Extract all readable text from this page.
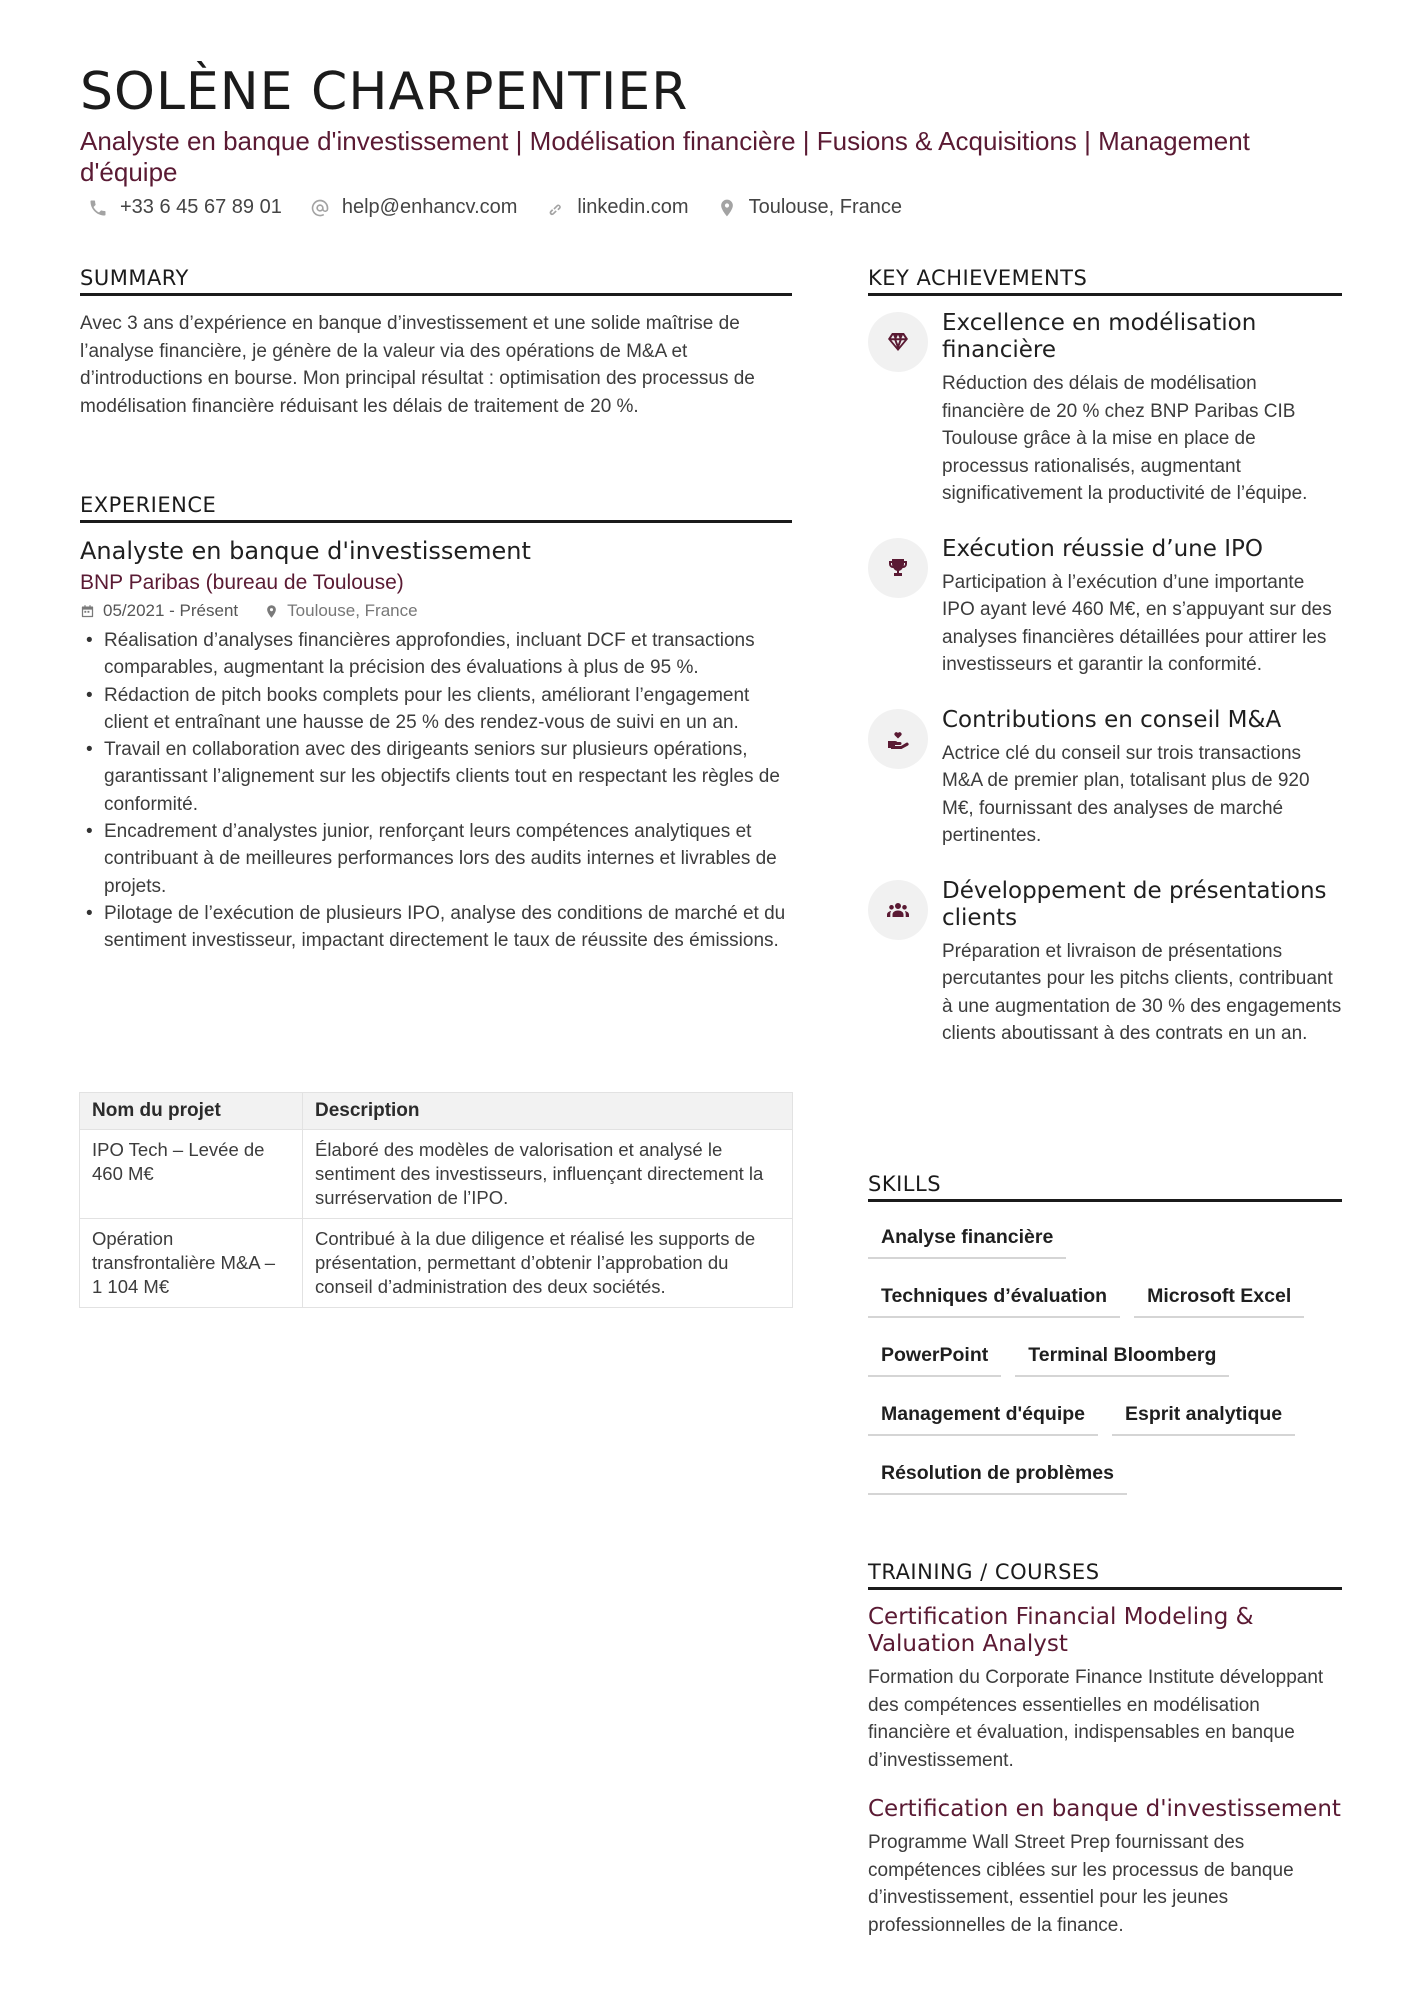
SOLÈNE CHARPENTIER
Analyste en banque d'investissement | Modélisation financière | Fusions & Acquisitions | Management d'équipe
+33 6 45 67 89 01	help@enhancv.com	linkedin.com	Toulouse, France
SUMMARY
Avec 3 ans d’expérience en banque d’investissement et une solide maîtrise de l’analyse financière, je génère de la valeur via des opérations de M&A et d’introductions en bourse. Mon principal résultat : optimisation des processus de modélisation financière réduisant les délais de traitement de 20 %.
EXPERIENCE
Analyste en banque d'investissement
BNP Paribas (bureau de Toulouse)
05/2021 - Présent	Toulouse, France
• Réalisation d’analyses financières approfondies, incluant DCF et transactions comparables, augmentant la précision des évaluations à plus de 95 %.
• Rédaction de pitch books complets pour les clients, améliorant l’engagement client et entraînant une hausse de 25 % des rendez-vous de suivi en un an.
• Travail en collaboration avec des dirigeants seniors sur plusieurs opérations, garantissant l’alignement sur les objectifs clients tout en respectant les règles de conformité.
• Encadrement d’analystes junior, renforçant leurs compétences analytiques et contribuant à de meilleures performances lors des audits internes et livrables de projets.
• Pilotage de l’exécution de plusieurs IPO, analyse des conditions de marché et du sentiment investisseur, impactant directement le taux de réussite des émissions.
Nom du projet	Description
IPO Tech – Levée de 460 M€	Élaboré des modèles de valorisation et analysé le sentiment des investisseurs, influençant directement la surréservation de l’IPO.
Opération transfrontalière M&A – 1 104 M€	Contribué à la due diligence et réalisé les supports de présentation, permettant d’obtenir l’approbation du conseil d’administration des deux sociétés.
KEY ACHIEVEMENTS
Excellence en modélisation financière
Réduction des délais de modélisation financière de 20 % chez BNP Paribas CIB Toulouse grâce à la mise en place de processus rationalisés, augmentant significativement la productivité de l’équipe.
Exécution réussie d’une IPO
Participation à l’exécution d’une importante IPO ayant levé 460 M€, en s’appuyant sur des analyses financières détaillées pour attirer les investisseurs et garantir la conformité.
Contributions en conseil M&A
Actrice clé du conseil sur trois transactions M&A de premier plan, totalisant plus de 920 M€, fournissant des analyses de marché pertinentes.
Développement de présentations clients
Préparation et livraison de présentations percutantes pour les pitchs clients, contribuant à une augmentation de 30 % des engagements clients aboutissant à des contrats en un an.
SKILLS
Analyse financière
Techniques d’évaluation	Microsoft Excel
PowerPoint	Terminal Bloomberg
Management d'équipe	Esprit analytique
Résolution de problèmes
TRAINING / COURSES
Certification Financial Modeling & Valuation Analyst
Formation du Corporate Finance Institute développant des compétences essentielles en modélisation financière et évaluation, indispensables en banque d’investissement.
Certification en banque d'investissement
Programme Wall Street Prep fournissant des compétences ciblées sur les processus de banque d’investissement, essentiel pour les jeunes professionnelles de la finance.
